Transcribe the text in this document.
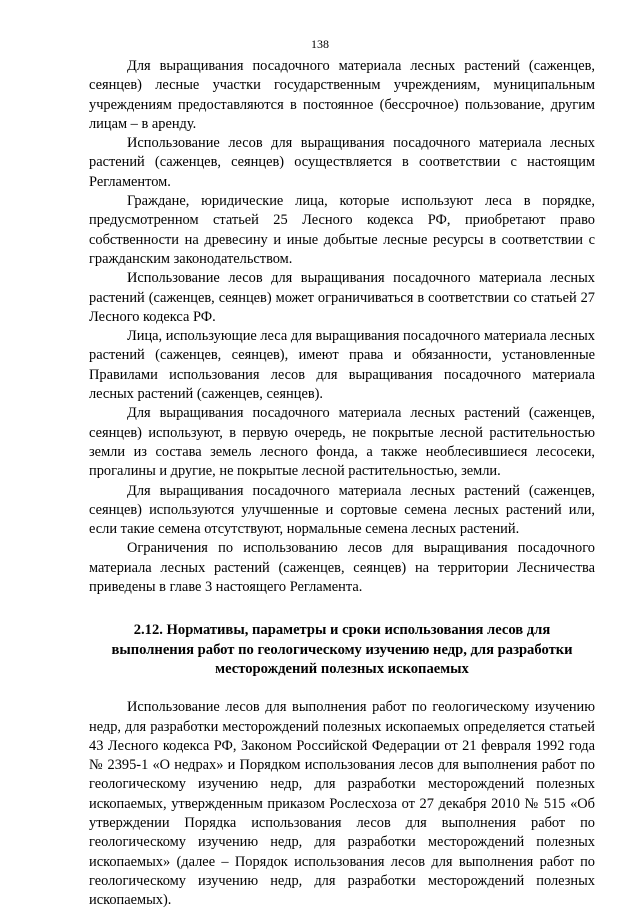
138

Для выращивания посадочного материала лесных растений (саженцев, сеянцев) лесные участки государственным учреждениям, муниципальным учреждениям предоставляются в постоянное (бессрочное) пользование, другим лицам – в аренду.

Использование лесов для выращивания посадочного материала лесных растений (саженцев, сеянцев) осуществляется в соответствии с настоящим Регламентом.

Граждане, юридические лица, которые используют леса в порядке, предусмотренном статьей 25 Лесного кодекса РФ, приобретают право собственности на древесину и иные добытые лесные ресурсы в соответствии с гражданским законодательством.

Использование лесов для выращивания посадочного материала лесных растений (саженцев, сеянцев) может ограничиваться в соответствии со статьей 27 Лесного кодекса РФ.

Лица, использующие леса для выращивания посадочного материала лесных растений (саженцев, сеянцев), имеют права и обязанности, установленные Правилами использования лесов для выращивания посадочного материала лесных растений (саженцев, сеянцев).

Для выращивания посадочного материала лесных растений (саженцев, сеянцев) используют, в первую очередь, не покрытые лесной растительностью земли из состава земель лесного фонда, а также необлесившиеся лесосеки, прогалины и другие, не покрытые лесной растительностью, земли.

Для выращивания посадочного материала лесных растений (саженцев, сеянцев) используются улучшенные и сортовые семена лесных растений или, если такие семена отсутствуют, нормальные семена лесных растений.

Ограничения по использованию лесов для выращивания посадочного материала лесных растений (саженцев, сеянцев) на территории Лесничества приведены в главе 3 настоящего Регламента.

2.12. Нормативы, параметры и сроки использования лесов для выполнения работ по геологическому изучению недр, для разработки месторождений полезных ископаемых

Использование лесов для выполнения работ по геологическому изучению недр, для разработки месторождений полезных ископаемых определяется статьей 43 Лесного кодекса РФ, Законом Российской Федерации от 21 февраля 1992 года № 2395-1 «О недрах» и Порядком использования лесов для выполнения работ по геологическому изучению недр, для разработки месторождений полезных ископаемых, утвержденным приказом Рослесхоза от 27 декабря 2010 № 515 «Об утверждении Порядка использования лесов для выполнения работ по геологическому изучению недр, для разработки месторождений полезных ископаемых» (далее – Порядок использования лесов для выполнения работ по геологическому изучению недр, для разработки месторождений полезных ископаемых).
